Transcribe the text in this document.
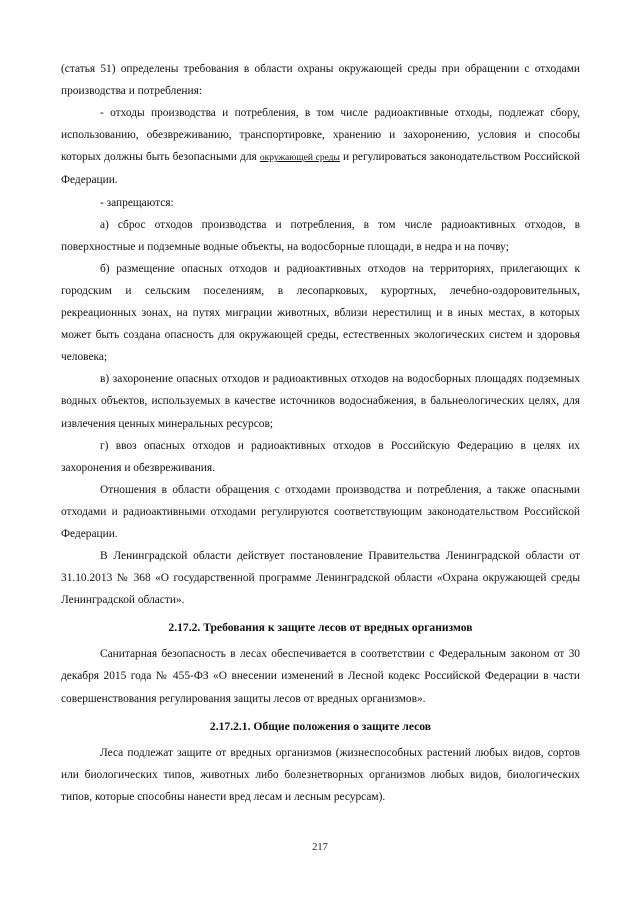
(статья 51) определены требования в области охраны окружающей среды при обращении с отходами производства и потребления:

- отходы производства и потребления, в том числе радиоактивные отходы, подлежат сбору, использованию, обезвреживанию, транспортировке, хранению и захоронению, условия и способы которых должны быть безопасными для окружающей среды и регулироваться законодательством Российской Федерации.

- запрещаются:

а) сброс отходов производства и потребления, в том числе радиоактивных отходов, в поверхностные и подземные водные объекты, на водосборные площади, в недра и на почву;

б) размещение опасных отходов и радиоактивных отходов на территориях, прилегающих к городским и сельским поселениям, в лесопарковых, курортных, лечебно-оздоровительных, рекреационных зонах, на путях миграции животных, вблизи нерестилищ и в иных местах, в которых может быть создана опасность для окружающей среды, естественных экологических систем и здоровья человека;

в) захоронение опасных отходов и радиоактивных отходов на водосборных площадях подземных водных объектов, используемых в качестве источников водоснабжения, в бальнеологических целях, для извлечения ценных минеральных ресурсов;

г) ввоз опасных отходов и радиоактивных отходов в Российскую Федерацию в целях их захоронения и обезвреживания.

Отношения в области обращения с отходами производства и потребления, а также опасными отходами и радиоактивными отходами регулируются соответствующим законодательством Российской Федерации.

В Ленинградской области действует постановление Правительства Ленинградской области от 31.10.2013 № 368 «О государственной программе Ленинградской области «Охрана окружающей среды Ленинградской области».

2.17.2. Требования к защите лесов от вредных организмов

Санитарная безопасность в лесах обеспечивается в соответствии с Федеральным законом от 30 декабря 2015 года № 455-ФЗ «О внесении изменений в Лесной кодекс Российской Федерации в части совершенствования регулирования защиты лесов от вредных организмов».

2.17.2.1. Общие положения о защите лесов

Леса подлежат защите от вредных организмов (жизнеспособных растений любых видов, сортов или биологических типов, животных либо болезнетворных организмов любых видов, биологических типов, которые способны нанести вред лесам и лесным ресурсам).

217
